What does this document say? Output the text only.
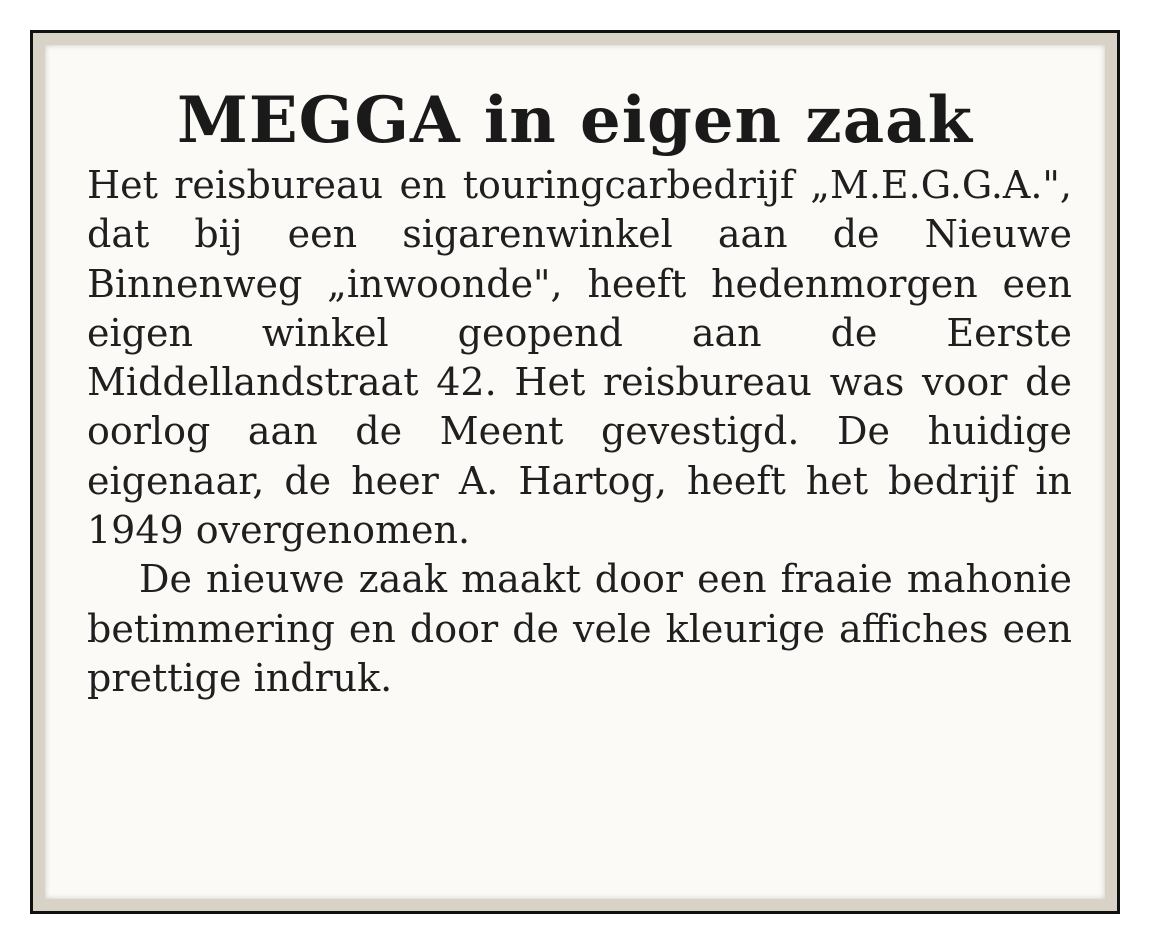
MEGGA in eigen zaak

Het reisbureau en touringcarbedrijf „M.E.G.G.A.", dat bij een sigarenwinkel aan de Nieuwe Binnenweg „inwoonde", heeft hedenmorgen een eigen winkel geopend aan de Eerste Middellandstraat 42. Het reisbureau was voor de oorlog aan de Meent gevestigd. De huidige eigenaar, de heer A. Hartog, heeft het bedrijf in 1949 overgenomen.

De nieuwe zaak maakt door een fraaie mahonie betimmering en door de vele kleurige affiches een prettige indruk.
